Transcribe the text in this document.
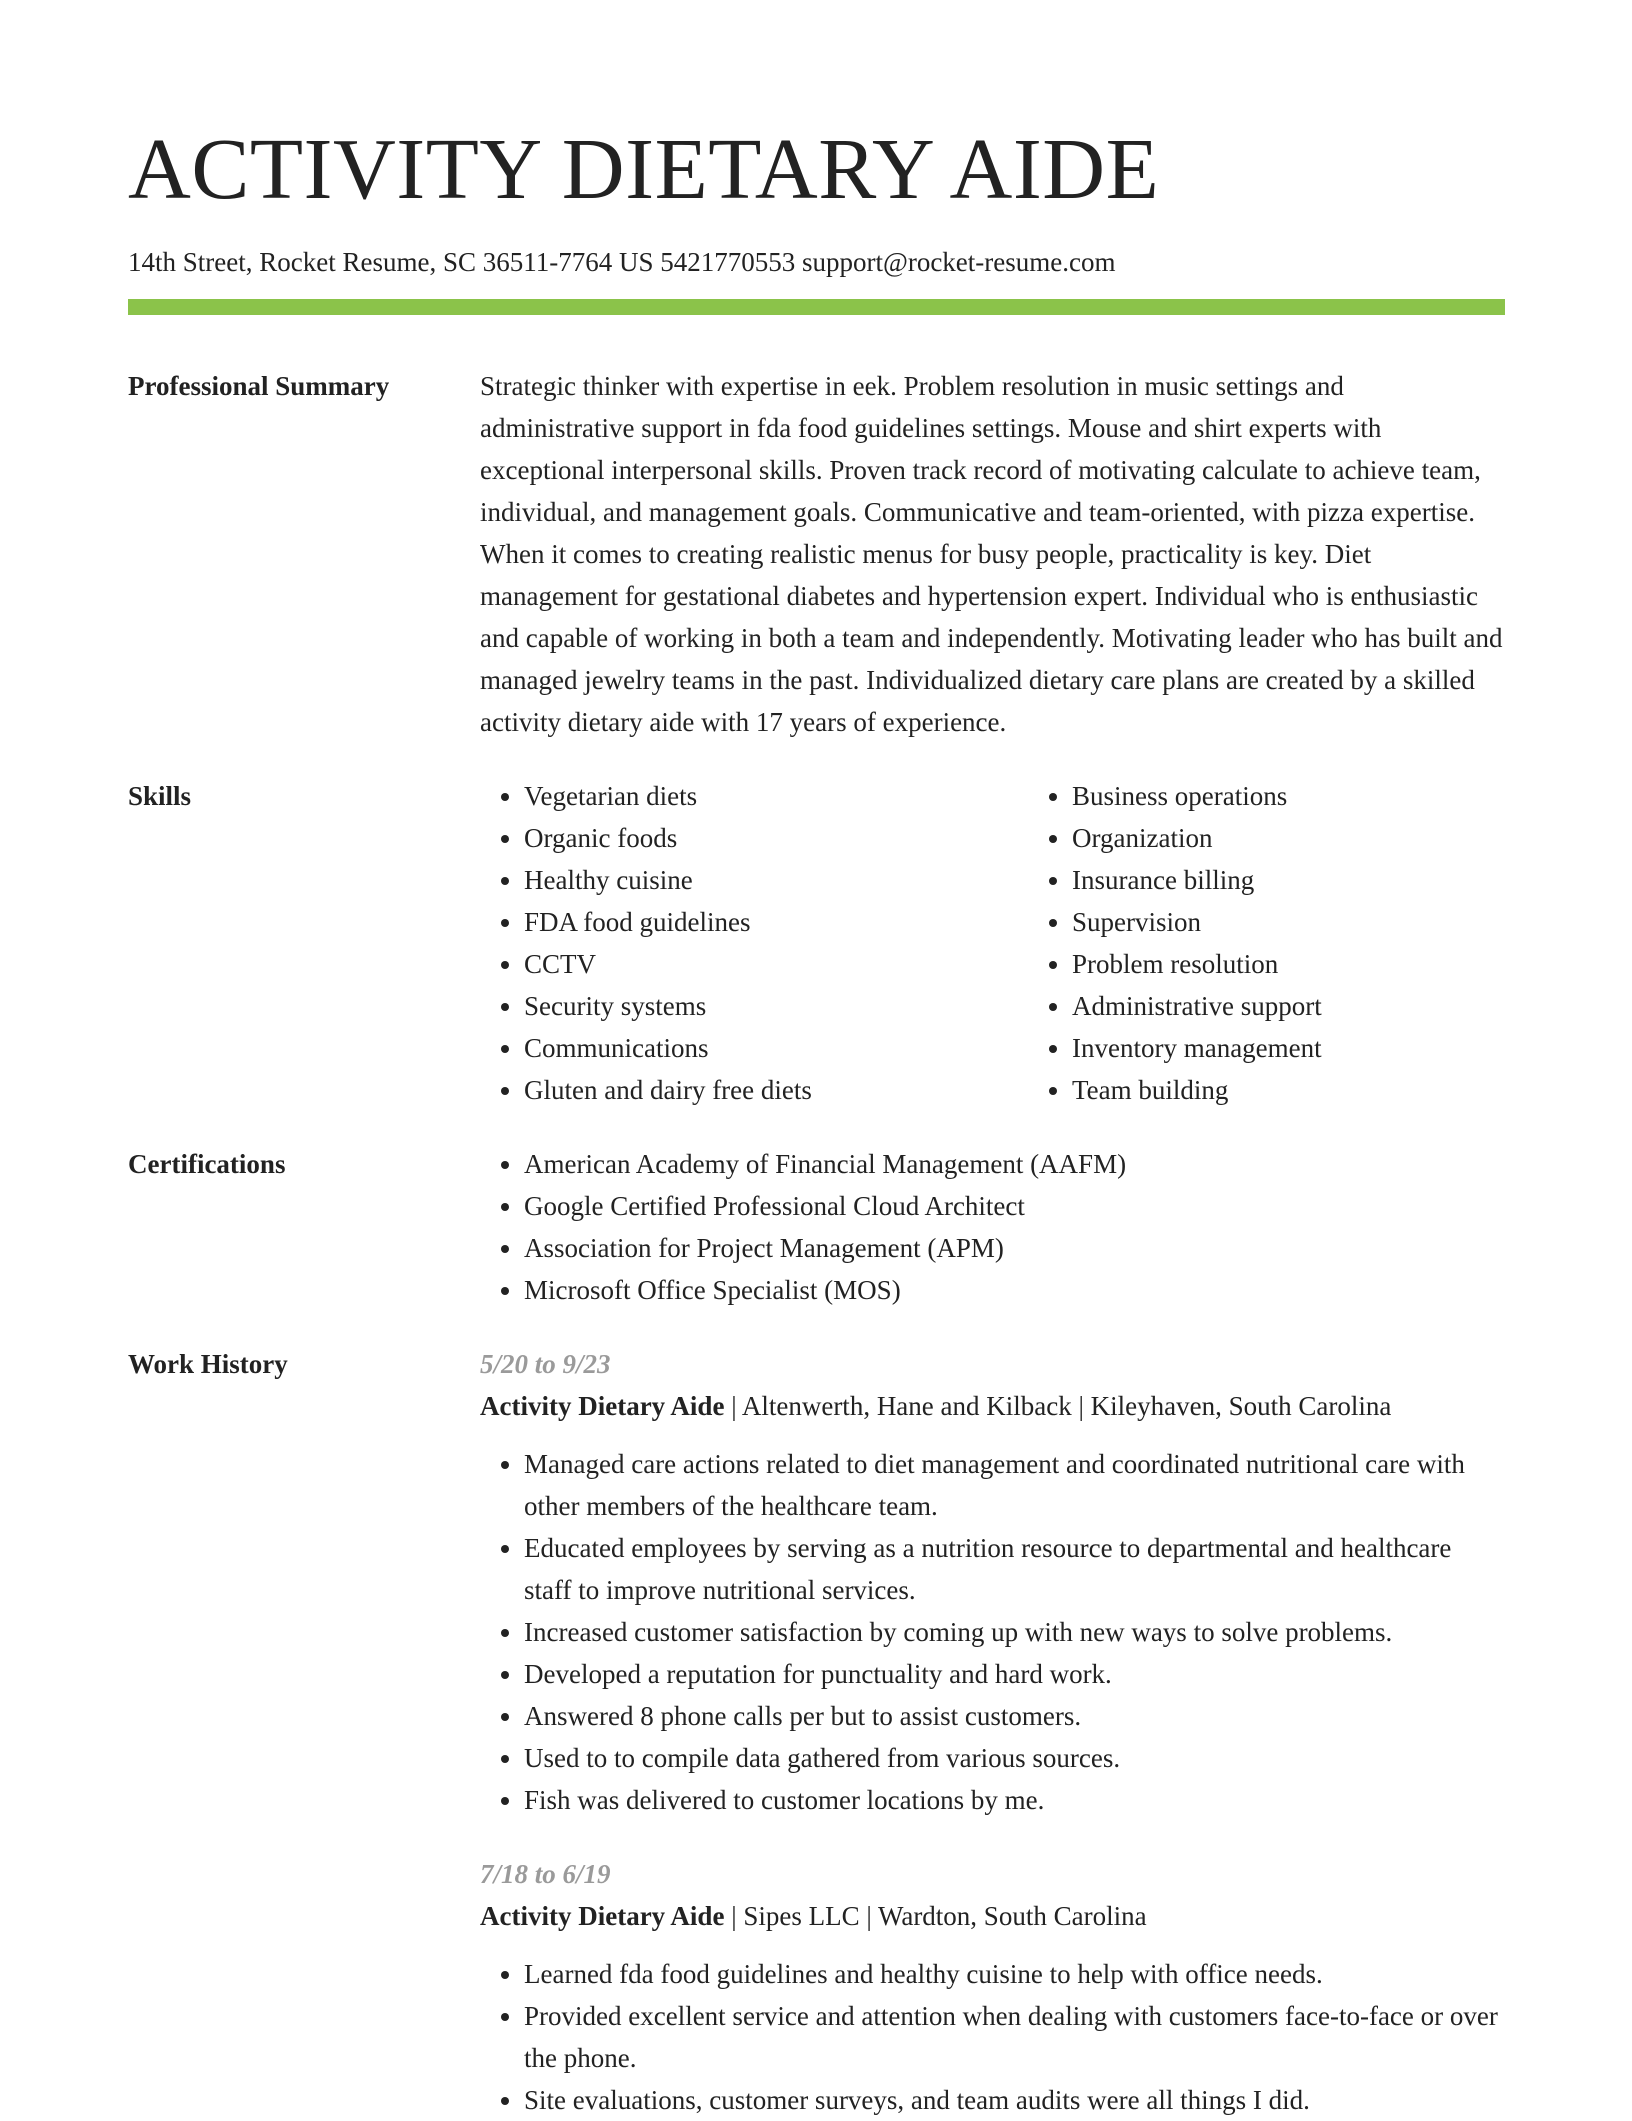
ACTIVITY DIETARY AIDE
14th Street, Rocket Resume, SC 36511-7764 US 5421770553 support@rocket-resume.com
Professional Summary	Strategic thinker with expertise in eek. Problem resolution in music settings and administrative support in fda food guidelines settings. Mouse and shirt experts with exceptional interpersonal skills. Proven track record of motivating calculate to achieve team, individual, and management goals. Communicative and team-oriented, with pizza expertise. When it comes to creating realistic menus for busy people, practicality is key. Diet management for gestational diabetes and hypertension expert. Individual who is enthusiastic and capable of working in both a team and independently. Motivating leader who has built and managed jewelry teams in the past. Individualized dietary care plans are created by a skilled activity dietary aide with 17 years of experience.
Skills	• Vegetarian diets
• Organic foods
• Healthy cuisine
• FDA food guidelines
• CCTV
• Security systems
• Communications
• Gluten and dairy free diets
• Business operations
• Organization
• Insurance billing
• Supervision
• Problem resolution
• Administrative support
• Inventory management
• Team building
Certifications	• American Academy of Financial Management (AAFM)
• Google Certified Professional Cloud Architect
• Association for Project Management (APM)
• Microsoft Office Specialist (MOS)
Work History	5/20 to 9/23
Activity Dietary Aide | Altenwerth, Hane and Kilback | Kileyhaven, South Carolina
• Managed care actions related to diet management and coordinated nutritional care with other members of the healthcare team.
• Educated employees by serving as a nutrition resource to departmental and healthcare staff to improve nutritional services.
• Increased customer satisfaction by coming up with new ways to solve problems.
• Developed a reputation for punctuality and hard work.
• Answered 8 phone calls per but to assist customers.
• Used to to compile data gathered from various sources.
• Fish was delivered to customer locations by me.
7/18 to 6/19
Activity Dietary Aide | Sipes LLC | Wardton, South Carolina
• Learned fda food guidelines and healthy cuisine to help with office needs.
• Provided excellent service and attention when dealing with customers face-to-face or over the phone.
• Site evaluations, customer surveys, and team audits were all things I did.
